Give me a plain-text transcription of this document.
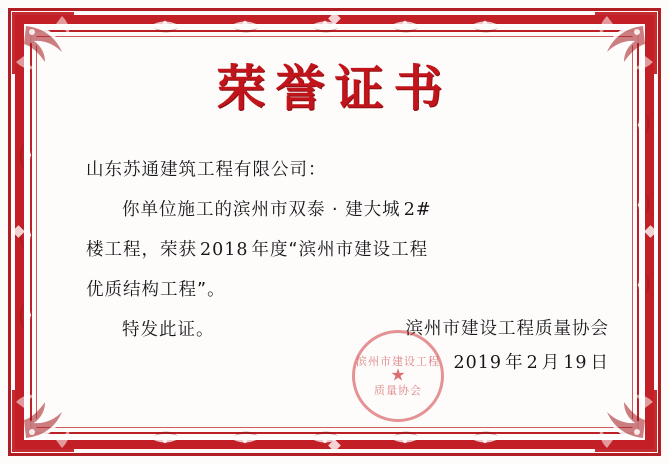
荣誉证书
山东苏通建筑工程有限公司：
你单位施工的滨州市双泰 · 建大城 2#
楼工程，荣获 2018 年度“滨州市建设工程
优质结构工程”。
特发此证。	滨州市建设工程质量协会
2019 年 2 月 19 日
滨州市建设工程
质量协会
★
